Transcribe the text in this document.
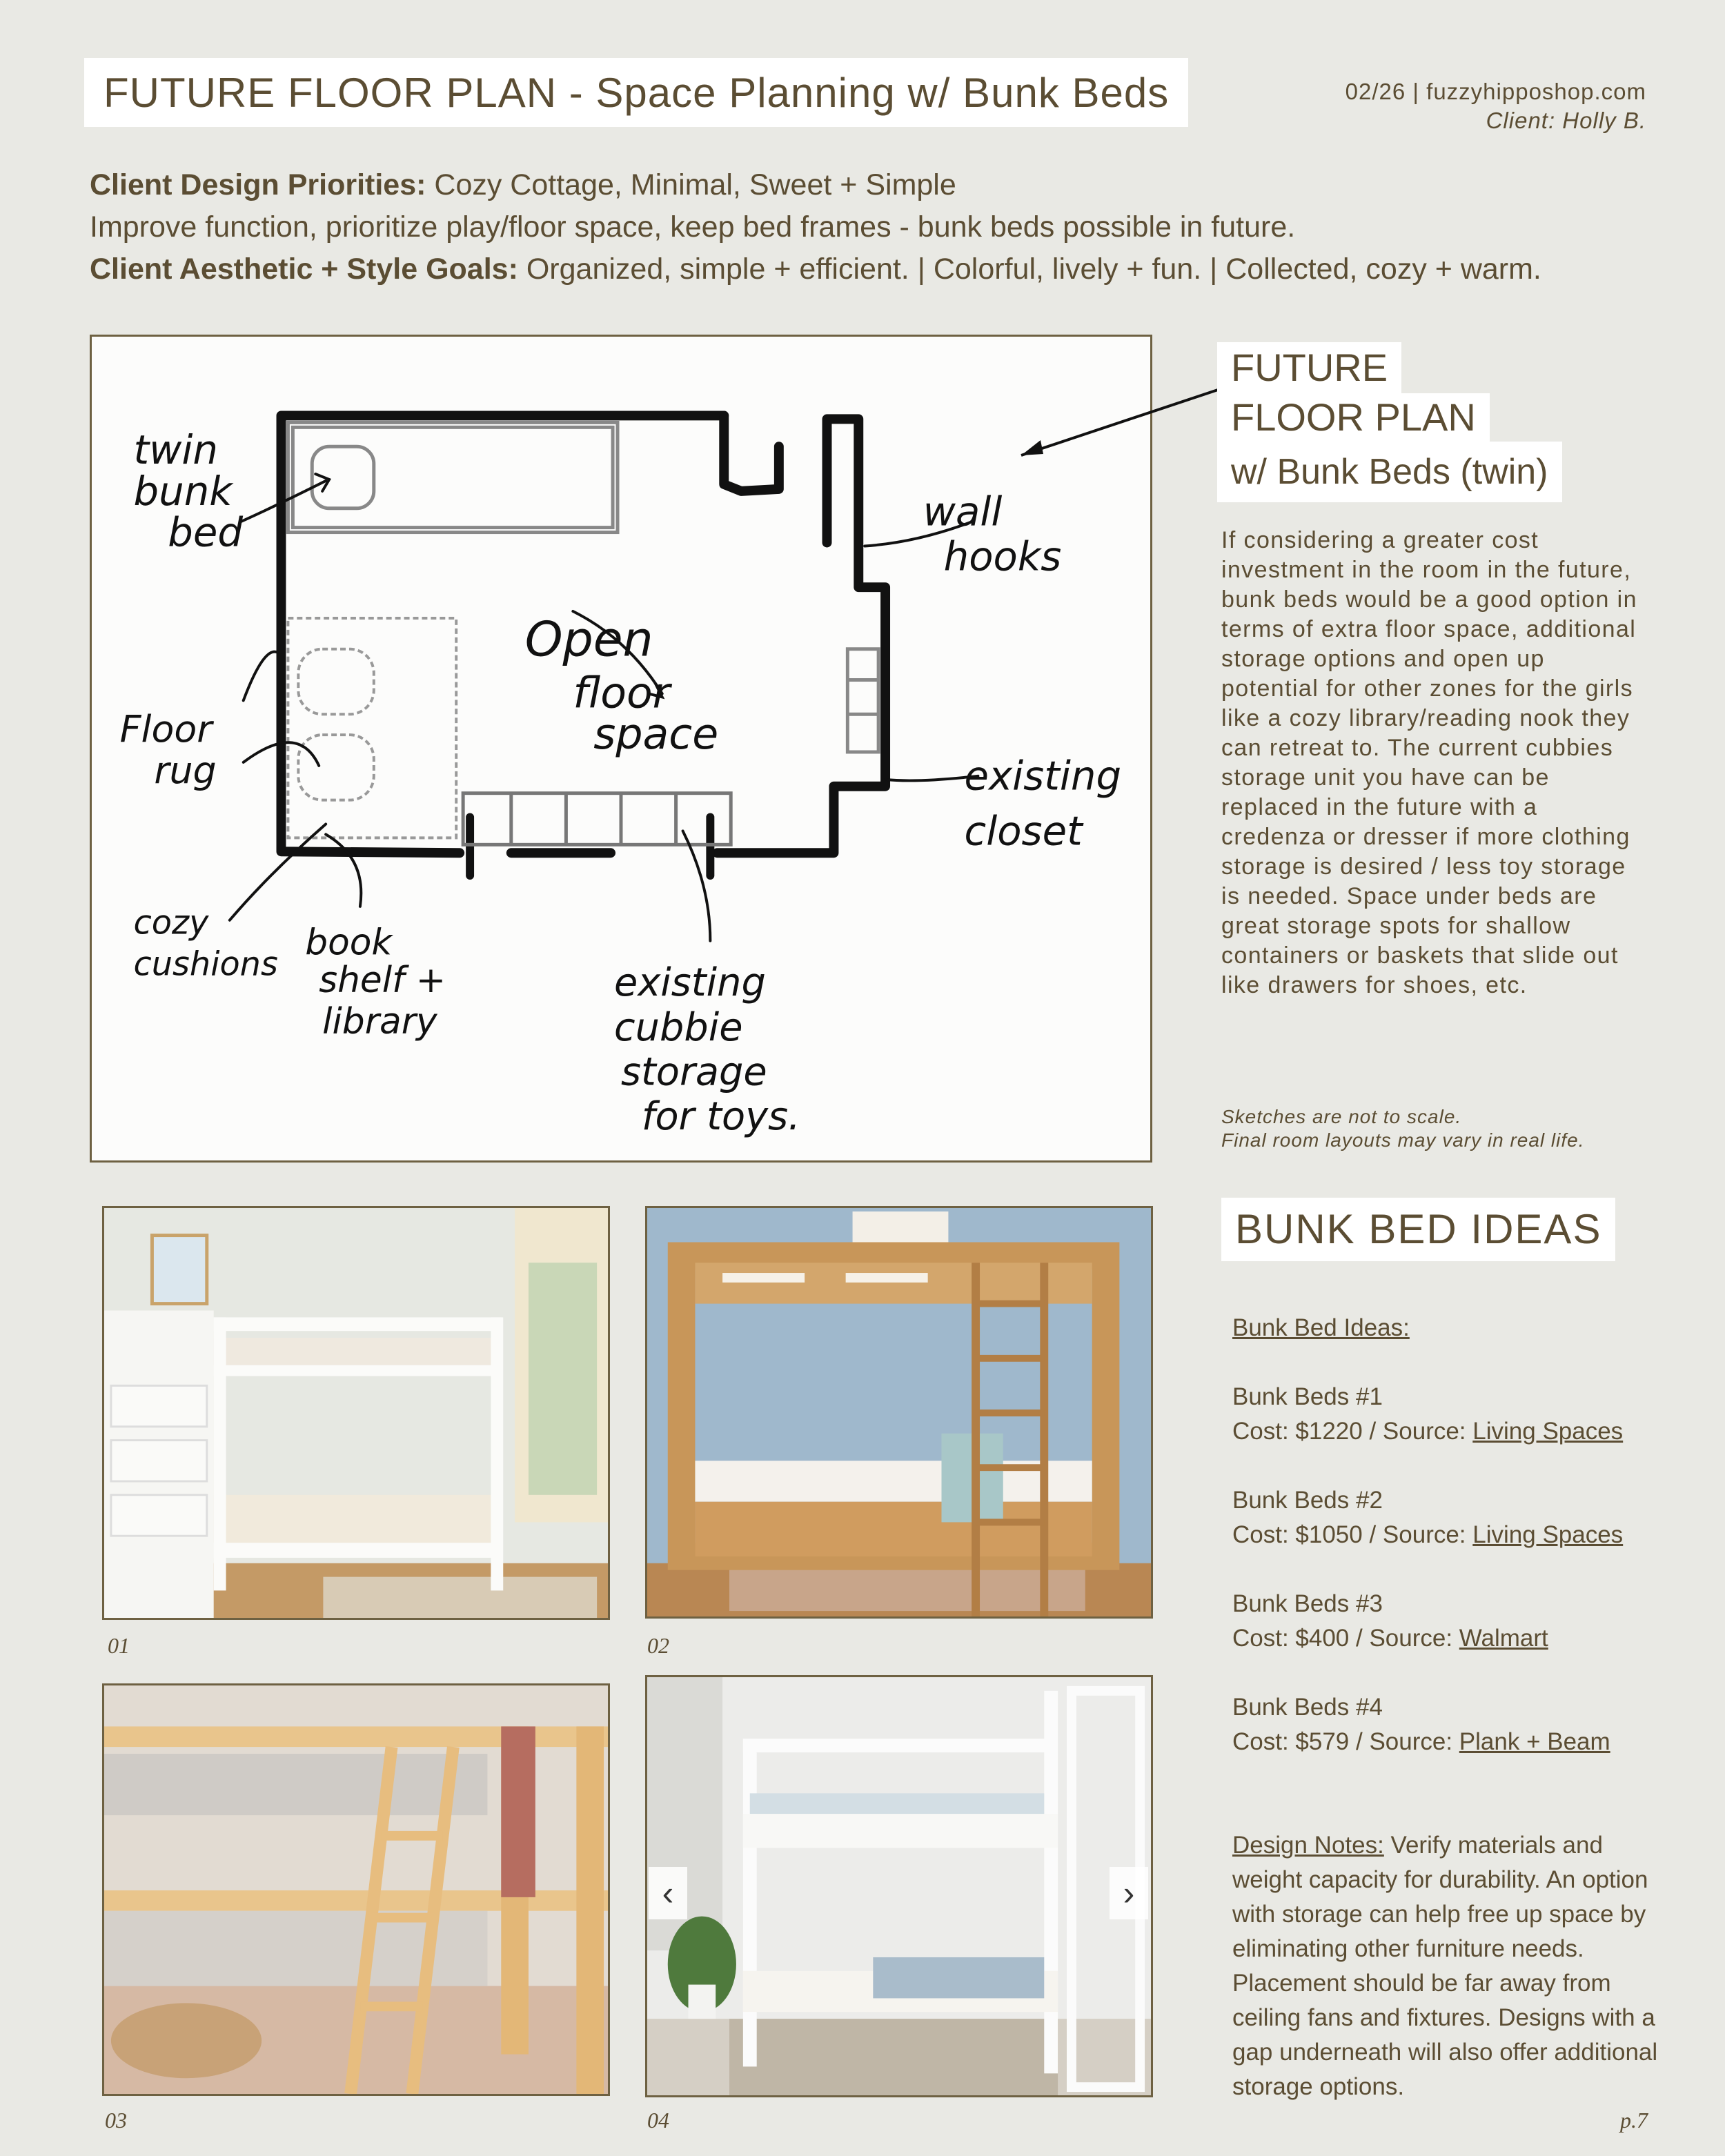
FUTURE FLOOR PLAN - Space Planning w/ Bunk Beds	02/26 | fuzzyhipposhop.com
Client: Holly B.
Client Design Priorities: Cozy Cottage, Minimal, Sweet + Simple
Improve function, prioritize play/floor space, keep bed frames - bunk beds possible in future.
Client Aesthetic + Style Goals: Organized, simple + efficient. | Colorful, lively + fun. | Collected, cozy + warm.
twin
bunk
bed	wall
hooks
Open
floor
space
Floor
rug	existing
closet
cozy
cushions
book
shelf +
library
existing
cubbie
storage
for toys.
FUTURE
FLOOR PLAN
w/ Bunk Beds (twin)
If considering a greater cost investment in the room in the future, bunk beds would be a good option in terms of extra floor space, additional storage options and open up potential for other zones for the girls like a cozy library/reading nook they can retreat to. The current cubbies storage unit you have can be replaced in the future with a credenza or dresser if more clothing storage is desired / less toy storage is needed. Space under beds are great storage spots for shallow containers or baskets that slide out like drawers for shoes, etc.
Sketches are not to scale.
Final room layouts may vary in real life.
01	02
03
‹	›
04
BUNK BED IDEAS

Bunk Bed Ideas:

Bunk Beds #1

Cost: $1220 / Source: Living Spaces

Bunk Beds #2

Cost: $1050 / Source: Living Spaces

Bunk Beds #3

Cost: $400 / Source: Walmart

Bunk Beds #4

Cost: $579 / Source: Plank + Beam

Design Notes: Verify materials and weight capacity for durability. An option with storage can help free up space by eliminating other furniture needs. Placement should be far away from ceiling fans and fixtures. Designs with a gap underneath will also offer additional storage options.

p.7
